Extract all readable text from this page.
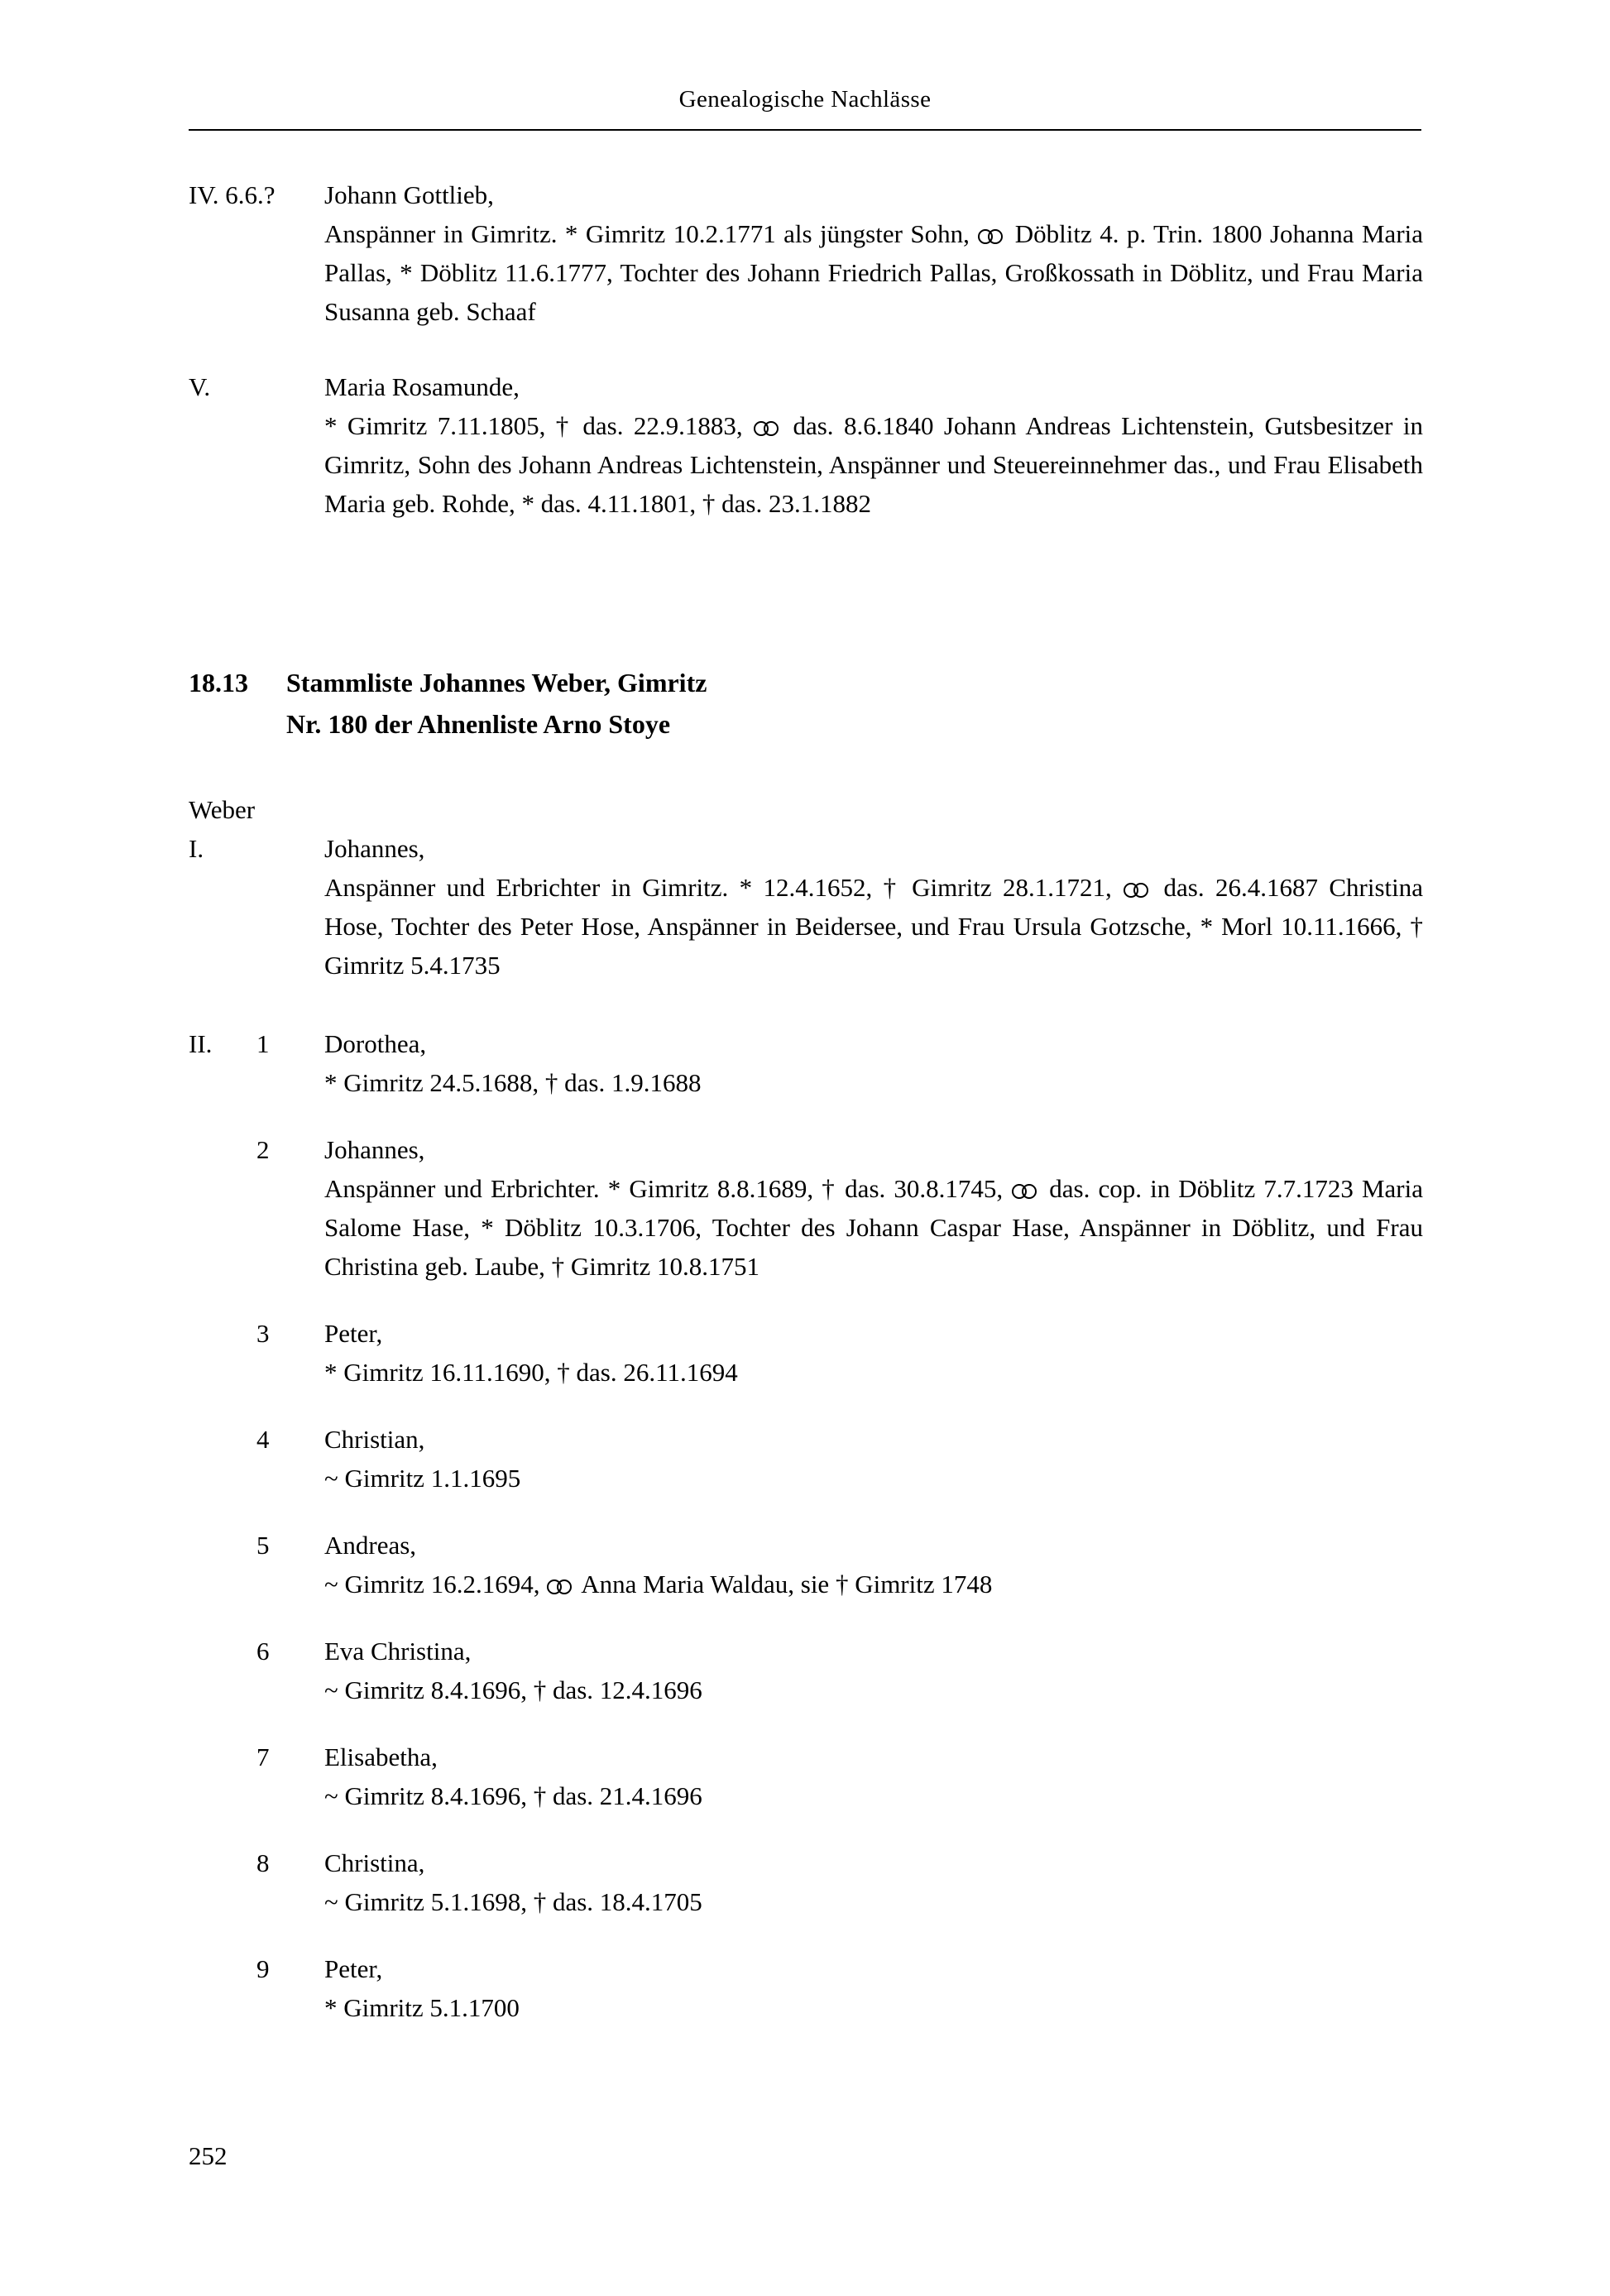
Genealogische Nachlässe
IV. 6.6.?	Johann Gottlieb,
Anspänner in Gimritz. * Gimritz 10.2.1771 als jüngster Sohn,  Döblitz 4. p. Trin. 1800 Johanna Maria Pallas, * Döblitz 11.6.1777, Tochter des Johann Friedrich Pallas, Großkossath in Döblitz, und Frau Maria Susanna geb. Schaaf
V.	Maria Rosamunde,
* Gimritz 7.11.1805, † das. 22.9.1883,  das. 8.6.1840 Johann Andreas Lichtenstein, Gutsbesitzer in Gimritz, Sohn des Johann Andreas Lichtenstein, Anspänner und Steuereinnehmer das., und Frau Elisabeth Maria geb. Rohde, * das. 4.11.1801, † das. 23.1.1882
18.13 Stammliste Johannes Weber, Gimritz
Nr. 180 der Ahnenliste Arno Stoye
Weber
I.	Johannes,
Anspänner und Erbrichter in Gimritz. * 12.4.1652, † Gimritz 28.1.1721,  das. 26.4.1687 Christina Hose, Tochter des Peter Hose, Anspänner in Beidersee, und Frau Ursula Gotzsche, * Morl 10.11.1666, † Gimritz 5.4.1735
II.	1	Dorothea,
* Gimritz 24.5.1688, † das. 1.9.1688
2	Johannes,
Anspänner und Erbrichter. * Gimritz 8.8.1689, † das. 30.8.1745,  das. cop. in Döblitz 7.7.1723 Maria Salome Hase, * Döblitz 10.3.1706, Tochter des Johann Caspar Hase, Anspänner in Döblitz, und Frau Christina geb. Laube, † Gimritz 10.8.1751
3	Peter,
* Gimritz 16.11.1690, † das. 26.11.1694
4	Christian,
~ Gimritz 1.1.1695
5	Andreas,
~ Gimritz 16.2.1694,  Anna Maria Waldau, sie † Gimritz 1748
6	Eva Christina,
~ Gimritz 8.4.1696, † das. 12.4.1696
7	Elisabetha,
~ Gimritz 8.4.1696, † das. 21.4.1696
8	Christina,
~ Gimritz 5.1.1698, † das. 18.4.1705
9	Peter,
* Gimritz 5.1.1700
252
